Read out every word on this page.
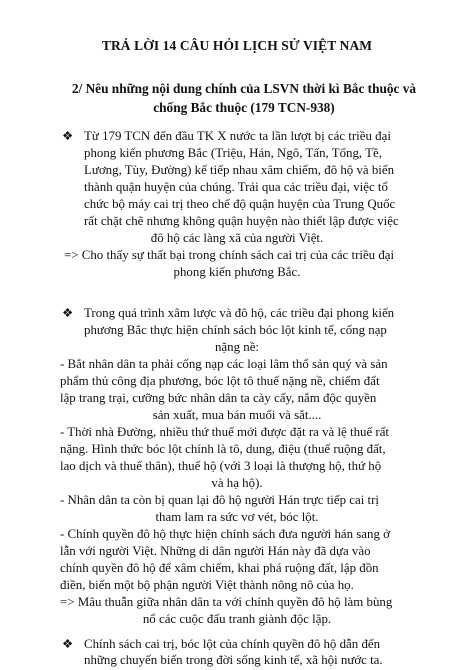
TRẢ LỜI 14 CÂU HỎI LỊCH SỬ VIỆT NAM
2/ Nêu những nội dung chính của LSVN thời kì Bắc thuộc và chống Bắc thuộc (179 TCN-938)
❖ Từ 179 TCN đến đầu TK X nước ta lần lượt bị các triều đại
phong kiến phương Bắc (Triệu, Hán, Ngô, Tấn, Tống, Tề,
Lương, Tùy, Đường) kế tiếp nhau xâm chiếm, đô hộ và biến
thành quận huyện của chúng. Trải qua các triều đại, việc tổ
chức bộ máy cai trị theo chế độ quận huyện của Trung Quốc
rất chặt chẽ nhưng không quận huyện nào thiết lập được việc
đô hộ các làng xã của người Việt.
=> Cho thấy sự thất bại trong chính sách cai trị của các triều đại
phong kiến phương Bắc.
❖ Trong quá trình xâm lược và đô hộ, các triều đại phong kiến
phương Bắc thực hiện chính sách bóc lột kinh tế, cống nạp
nặng nề:
- Bắt nhân dân ta phải cống nạp các loại lâm thổ sản quý và sản
phẩm thủ công địa phương, bóc lột tô thuế nặng nề, chiếm đất
lập trang trại, cưỡng bức nhân dân ta cày cấy, nắm độc quyền
sản xuất, mua bán muối và sắt....
- Thời nhà Đường, nhiều thứ thuế mới được đặt ra và lệ thuế rất
nặng. Hình thức bóc lột chính là tô, dung, điệu (thuế ruộng đất,
lao dịch và thuế thân), thuế hộ (với 3 loại là thượng hộ, thứ hộ
và hạ hộ).
- Nhân dân ta còn bị quan lại đô hộ người Hán trực tiếp cai trị
tham lam ra sức vơ vét, bóc lột.
- Chính quyền đô hộ thực hiện chính sách đưa người hán sang ở
lẫn với người Việt. Những di dân người Hán này đã dựa vào
chính quyền đô hộ để xâm chiếm, khai phá ruộng đất, lập đồn
điền, biến một bộ phận người Việt thành nông nô của họ.
=> Mâu thuẫn giữa nhân dân ta với chính quyền đô hộ làm bùng
nổ các cuộc đấu tranh giành độc lập.
❖ Chính sách cai trị, bóc lột của chính quyền đô hộ dẫn đến
những chuyển biến trong đời sống kinh tế, xã hội nước ta.
